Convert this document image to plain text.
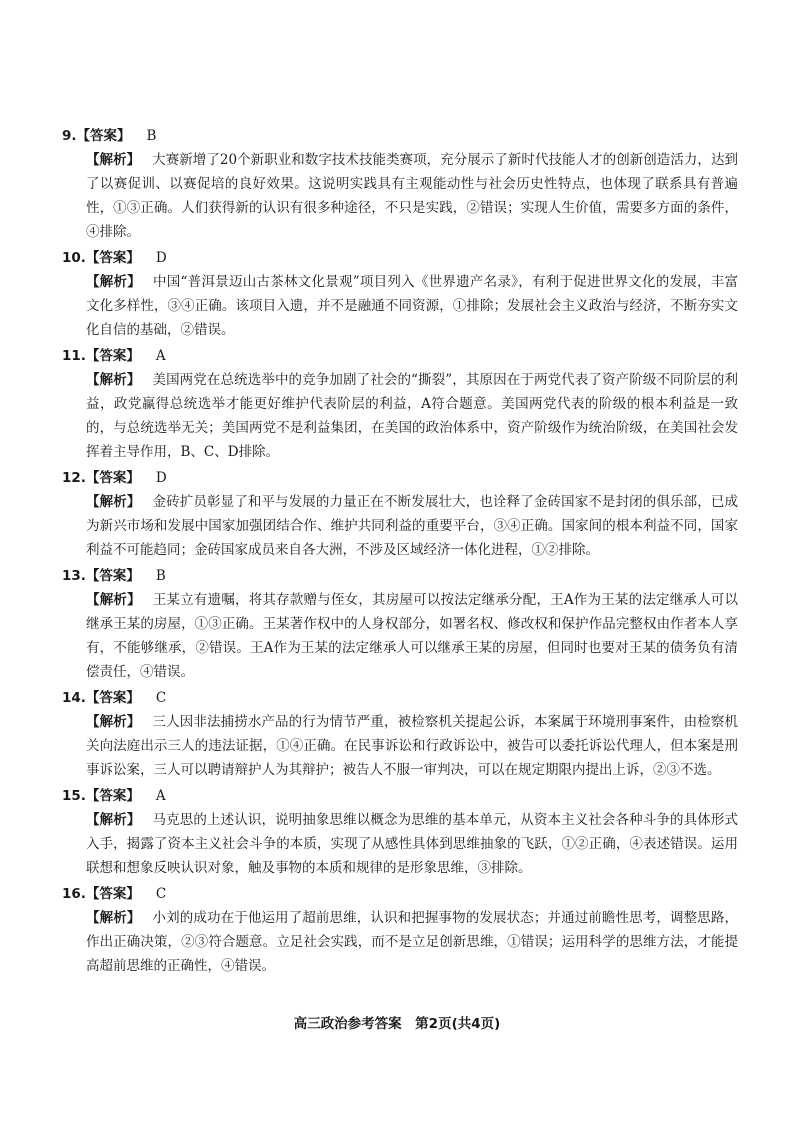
9.【答案】 B
【解析】 大赛新增了20个新职业和数字技术技能类赛项，充分展示了新时代技能人才的创新创造活力，达到了以赛促训、以赛促培的良好效果。这说明实践具有主观能动性与社会历史性特点，也体现了联系具有普遍性，①③正确。人们获得新的认识有很多种途径，不只是实践，②错误；实现人生价值，需要多方面的条件，④排除。
10.【答案】 D
【解析】 中国“普洱景迈山古茶林文化景观”项目列入《世界遗产名录》，有利于促进世界文化的发展，丰富文化多样性，③④正确。该项目入遗，并不是融通不同资源，①排除；发展社会主义政治与经济，不断夯实文化自信的基础，②错误。
11.【答案】 A
【解析】 美国两党在总统选举中的竞争加剧了社会的“撕裂”，其原因在于两党代表了资产阶级不同阶层的利益，政党赢得总统选举才能更好维护代表阶层的利益，A符合题意。美国两党代表的阶级的根本利益是一致的，与总统选举无关；美国两党不是利益集团，在美国的政治体系中，资产阶级作为统治阶级，在美国社会发挥着主导作用，B、C、D排除。
12.【答案】 D
【解析】 金砖扩员彰显了和平与发展的力量正在不断发展壮大，也诠释了金砖国家不是封闭的俱乐部，已成为新兴市场和发展中国家加强团结合作、维护共同利益的重要平台，③④正确。国家间的根本利益不同，国家利益不可能趋同；金砖国家成员来自各大洲，不涉及区域经济一体化进程，①②排除。
13.【答案】 B
【解析】 王某立有遗嘱，将其存款赠与侄女，其房屋可以按法定继承分配，王A作为王某的法定继承人可以继承王某的房屋，①③正确。王某著作权中的人身权部分，如署名权、修改权和保护作品完整权由作者本人享有，不能够继承，②错误。王A作为王某的法定继承人可以继承王某的房屋，但同时也要对王某的债务负有清偿责任，④错误。
14.【答案】 C
【解析】 三人因非法捕捞水产品的行为情节严重，被检察机关提起公诉，本案属于环境刑事案件，由检察机关向法庭出示三人的违法证据，①④正确。在民事诉讼和行政诉讼中，被告可以委托诉讼代理人，但本案是刑事诉讼案，三人可以聘请辩护人为其辩护；被告人不服一审判决，可以在规定期限内提出上诉，②③不选。
15.【答案】 A
【解析】 马克思的上述认识，说明抽象思维以概念为思维的基本单元，从资本主义社会各种斗争的具体形式入手，揭露了资本主义社会斗争的本质，实现了从感性具体到思维抽象的飞跃，①②正确，④表述错误。运用联想和想象反映认识对象，触及事物的本质和规律的是形象思维，③排除。
16.【答案】 C
【解析】 小刘的成功在于他运用了超前思维，认识和把握事物的发展状态；并通过前瞻性思考，调整思路，作出正确决策，②③符合题意。立足社会实践，而不是立足创新思维，①错误；运用科学的思维方法，才能提高超前思维的正确性，④错误。
高三政治参考答案　第2页(共4页)
